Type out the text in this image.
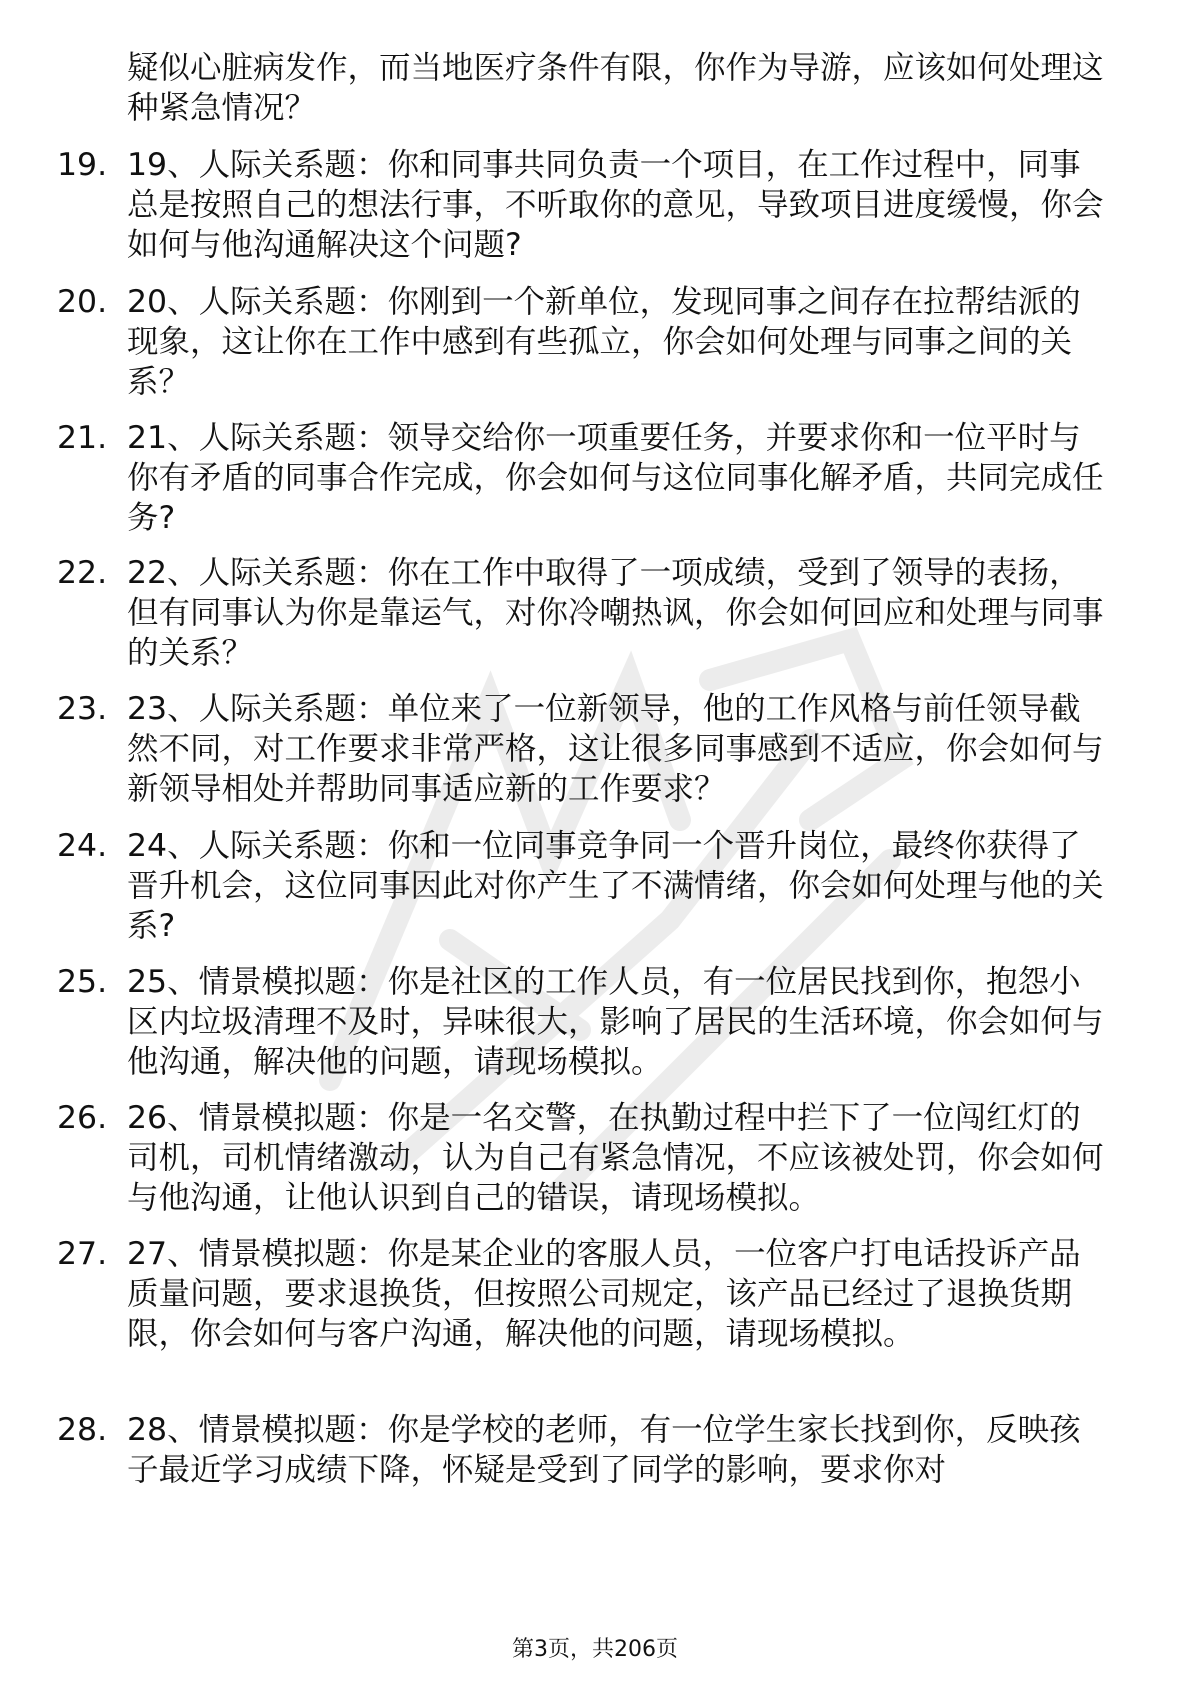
疑似心脏病发作，而当地医疗条件有限，你作为导游，应该如何处理这种紧急情况？
19. 19、人际关系题：你和同事共同负责一个项目，在工作过程中，同事总是按照自己的想法行事，不听取你的意见，导致项目进度缓慢，你会如何与他沟通解决这个问题?
20. 20、人际关系题：你刚到一个新单位，发现同事之间存在拉帮结派的现象，这让你在工作中感到有些孤立，你会如何处理与同事之间的关系？
21. 21、人际关系题：领导交给你一项重要任务，并要求你和一位平时与你有矛盾的同事合作完成，你会如何与这位同事化解矛盾，共同完成任务?
22. 22、人际关系题：你在工作中取得了一项成绩，受到了领导的表扬，但有同事认为你是靠运气，对你冷嘲热讽，你会如何回应和处理与同事的关系？
23. 23、人际关系题：单位来了一位新领导，他的工作风格与前任领导截然不同，对工作要求非常严格，这让很多同事感到不适应，你会如何与新领导相处并帮助同事适应新的工作要求？
24. 24、人际关系题：你和一位同事竞争同一个晋升岗位，最终你获得了晋升机会，这位同事因此对你产生了不满情绪，你会如何处理与他的关系?
25. 25、情景模拟题：你是社区的工作人员，有一位居民找到你，抱怨小区内垃圾清理不及时，异味很大，影响了居民的生活环境，你会如何与他沟通，解决他的问题，请现场模拟。
26. 26、情景模拟题：你是一名交警，在执勤过程中拦下了一位闯红灯的司机，司机情绪激动，认为自己有紧急情况，不应该被处罚，你会如何与他沟通，让他认识到自己的错误，请现场模拟。
27. 27、情景模拟题：你是某企业的客服人员，一位客户打电话投诉产品质量问题，要求退换货，但按照公司规定，该产品已经过了退换货期限，你会如何与客户沟通，解决他的问题，请现场模拟。
28. 28、情景模拟题：你是学校的老师，有一位学生家长找到你，反映孩子最近学习成绩下降，怀疑是受到了同学的影响，要求你对
第3页，共206页
